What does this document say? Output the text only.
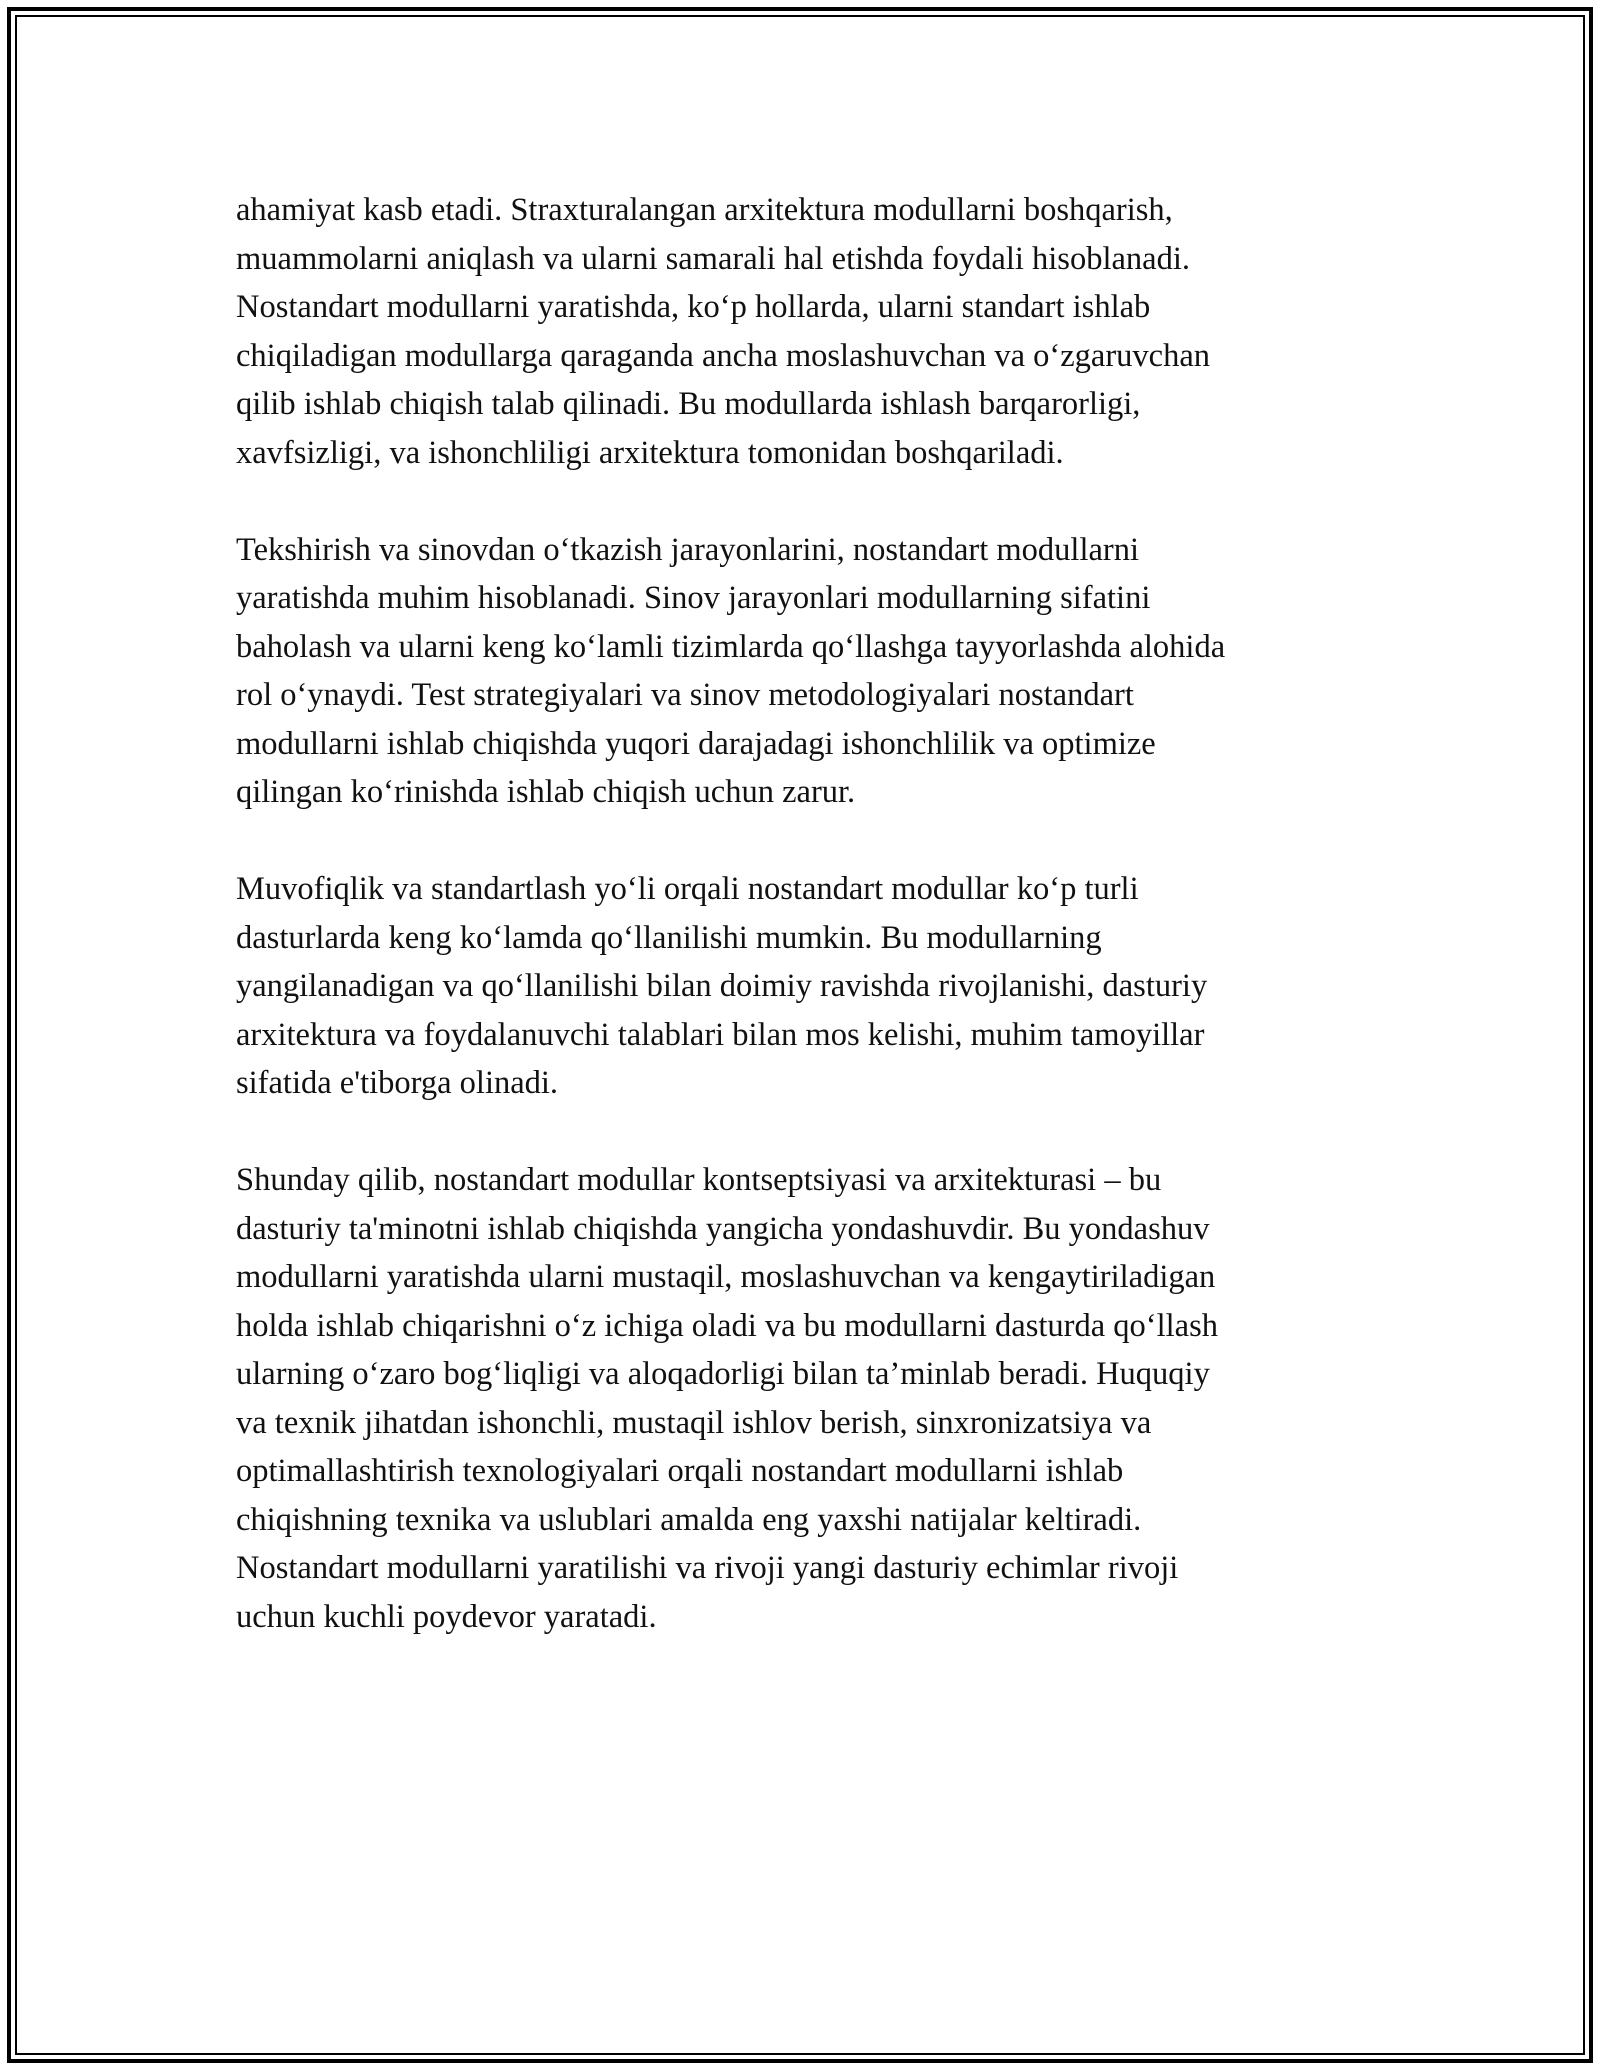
ahamiyat kasb etadi. Straxturalangan arxitektura modullarni boshqarish,
muammolarni aniqlash va ularni samarali hal etishda foydali hisoblanadi.
Nostandart modullarni yaratishda, ko‘p hollarda, ularni standart ishlab
chiqiladigan modullarga qaraganda ancha moslashuvchan va o‘zgaruvchan
qilib ishlab chiqish talab qilinadi. Bu modullarda ishlash barqarorligi,
xavfsizligi, va ishonchliligi arxitektura tomonidan boshqariladi.

Tekshirish va sinovdan o‘tkazish jarayonlarini, nostandart modullarni
yaratishda muhim hisoblanadi. Sinov jarayonlari modullarning sifatini
baholash va ularni keng ko‘lamli tizimlarda qo‘llashga tayyorlashda alohida
rol o‘ynaydi. Test strategiyalari va sinov metodologiyalari nostandart
modullarni ishlab chiqishda yuqori darajadagi ishonchlilik va optimize
qilingan ko‘rinishda ishlab chiqish uchun zarur.

Muvofiqlik va standartlash yo‘li orqali nostandart modullar ko‘p turli
dasturlarda keng ko‘lamda qo‘llanilishi mumkin. Bu modullarning
yangilanadigan va qo‘llanilishi bilan doimiy ravishda rivojlanishi, dasturiy
arxitektura va foydalanuvchi talablari bilan mos kelishi, muhim tamoyillar
sifatida e'tiborga olinadi.

Shunday qilib, nostandart modullar kontseptsiyasi va arxitekturasi – bu
dasturiy ta'minotni ishlab chiqishda yangicha yondashuvdir. Bu yondashuv
modullarni yaratishda ularni mustaqil, moslashuvchan va kengaytiriladigan
holda ishlab chiqarishni o‘z ichiga oladi va bu modullarni dasturda qo‘llash
ularning o‘zaro bog‘liqligi va aloqadorligi bilan ta’minlab beradi. Huquqiy
va texnik jihatdan ishonchli, mustaqil ishlov berish, sinxronizatsiya va
optimallashtirish texnologiyalari orqali nostandart modullarni ishlab
chiqishning texnika va uslublari amalda eng yaxshi natijalar keltiradi.
Nostandart modullarni yaratilishi va rivoji yangi dasturiy echimlar rivoji
uchun kuchli poydevor yaratadi.
